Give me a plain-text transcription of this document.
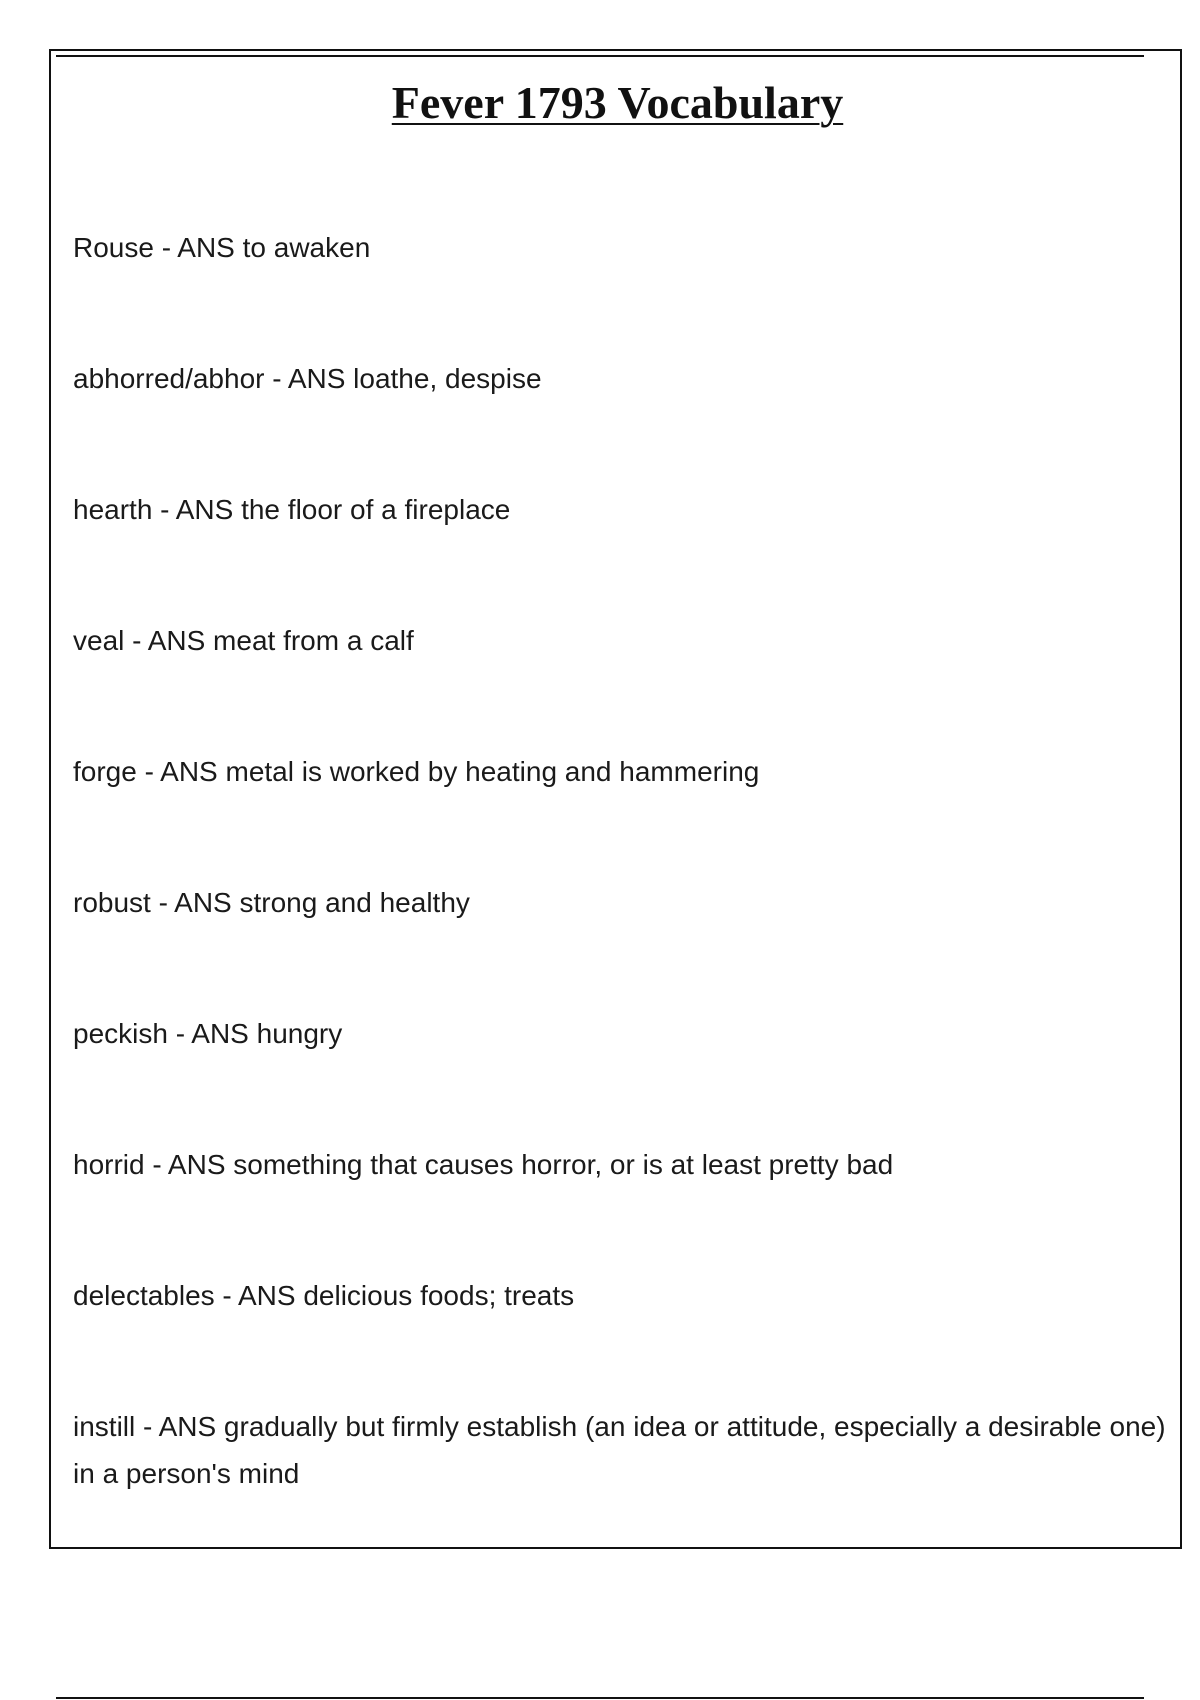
Fever 1793 Vocabulary
Rouse - ANS to awaken
abhorred/abhor - ANS loathe, despise
hearth - ANS the floor of a fireplace
veal - ANS meat from a calf
forge - ANS metal is worked by heating and hammering
robust - ANS strong and healthy
peckish - ANS hungry
horrid - ANS something that causes horror, or is at least pretty bad
delectables - ANS delicious foods; treats
instill - ANS gradually but firmly establish (an idea or attitude, especially a desirable one) in a person's mind
